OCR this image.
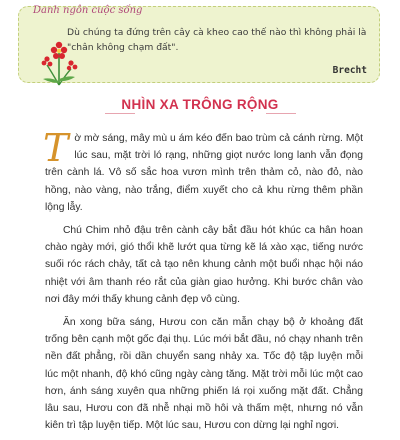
Danh ngôn cuộc sống
Dù chúng ta đứng trên cây cà kheo cao thế nào thì không phải là "chân không chạm đất".
Brecht
NHÌN XA TRÔNG RỘNG

Tờ mờ sáng, mây mù u ám kéo đến bao trùm cả cánh rừng. Một lúc sau, mặt trời ló rạng, những giọt nước long lanh vẫn đọng trên cành lá. Vô số sắc hoa vươn mình trên thảm cỏ, nào đỏ, nào hồng, nào vàng, nào trắng, điểm xuyết cho cả khu rừng thêm phần lộng lẫy.

Chú Chim nhỏ đậu trên cành cây bắt đầu hót khúc ca hân hoan chào ngày mới, gió thổi khẽ lướt qua từng kẽ lá xào xạc, tiếng nước suối róc rách chảy, tất cả tạo nên khung cảnh một buổi nhạc hội náo nhiệt với âm thanh réo rắt của giàn giao hưởng. Khi bước chân vào nơi đây mới thấy khung cảnh đẹp vô cùng.

Ăn xong bữa sáng, Hươu con căn mẫn chạy bộ ở khoảng đất trống bên cạnh một gốc đại thụ. Lúc mới bắt đầu, nó chạy nhanh trên nền đất phẳng, rồi dần chuyển sang nhảy xa. Tốc độ tập luyện mỗi lúc một nhanh, độ khó cũng ngày càng tăng. Mặt trời mỗi lúc một cao hơn, ánh sáng xuyên qua những phiến lá rọi xuống mặt đất. Chẳng lâu sau, Hươu con đã nhễ nhại mồ hôi và thấm mệt, nhưng nó vẫn kiên trì tập luyện tiếp. Một lúc sau, Hươu con dừng lại nghỉ ngơi.
